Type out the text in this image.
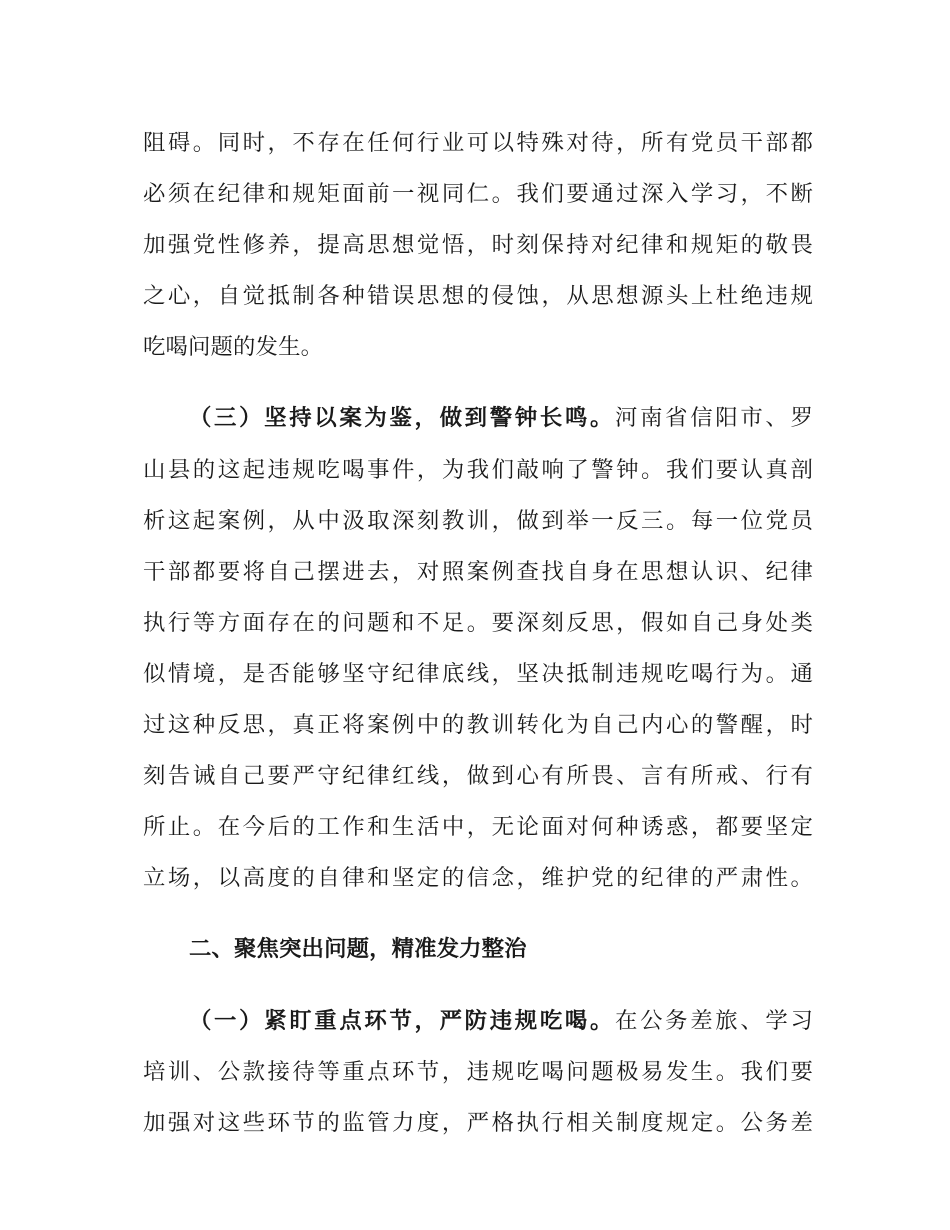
阻碍。同时，不存在任何行业可以特殊对待，所有党员干部都
必须在纪律和规矩面前一视同仁。我们要通过深入学习，不断
加强党性修养，提高思想觉悟，时刻保持对纪律和规矩的敬畏
之心，自觉抵制各种错误思想的侵蚀，从思想源头上杜绝违规
吃喝问题的发生。
（三）坚持以案为鉴，做到警钟长鸣。河南省信阳市、罗
山县的这起违规吃喝事件，为我们敲响了警钟。我们要认真剖
析这起案例，从中汲取深刻教训，做到举一反三。每一位党员
干部都要将自己摆进去，对照案例查找自身在思想认识、纪律
执行等方面存在的问题和不足。要深刻反思，假如自己身处类
似情境，是否能够坚守纪律底线，坚决抵制违规吃喝行为。通
过这种反思，真正将案例中的教训转化为自己内心的警醒，时
刻告诫自己要严守纪律红线，做到心有所畏、言有所戒、行有
所止。在今后的工作和生活中，无论面对何种诱惑，都要坚定
立场，以高度的自律和坚定的信念，维护党的纪律的严肃性。
二、聚焦突出问题，精准发力整治
（一）紧盯重点环节，严防违规吃喝。在公务差旅、学习
培训、公款接待等重点环节，违规吃喝问题极易发生。我们要
加强对这些环节的监管力度，严格执行相关制度规定。公务差
